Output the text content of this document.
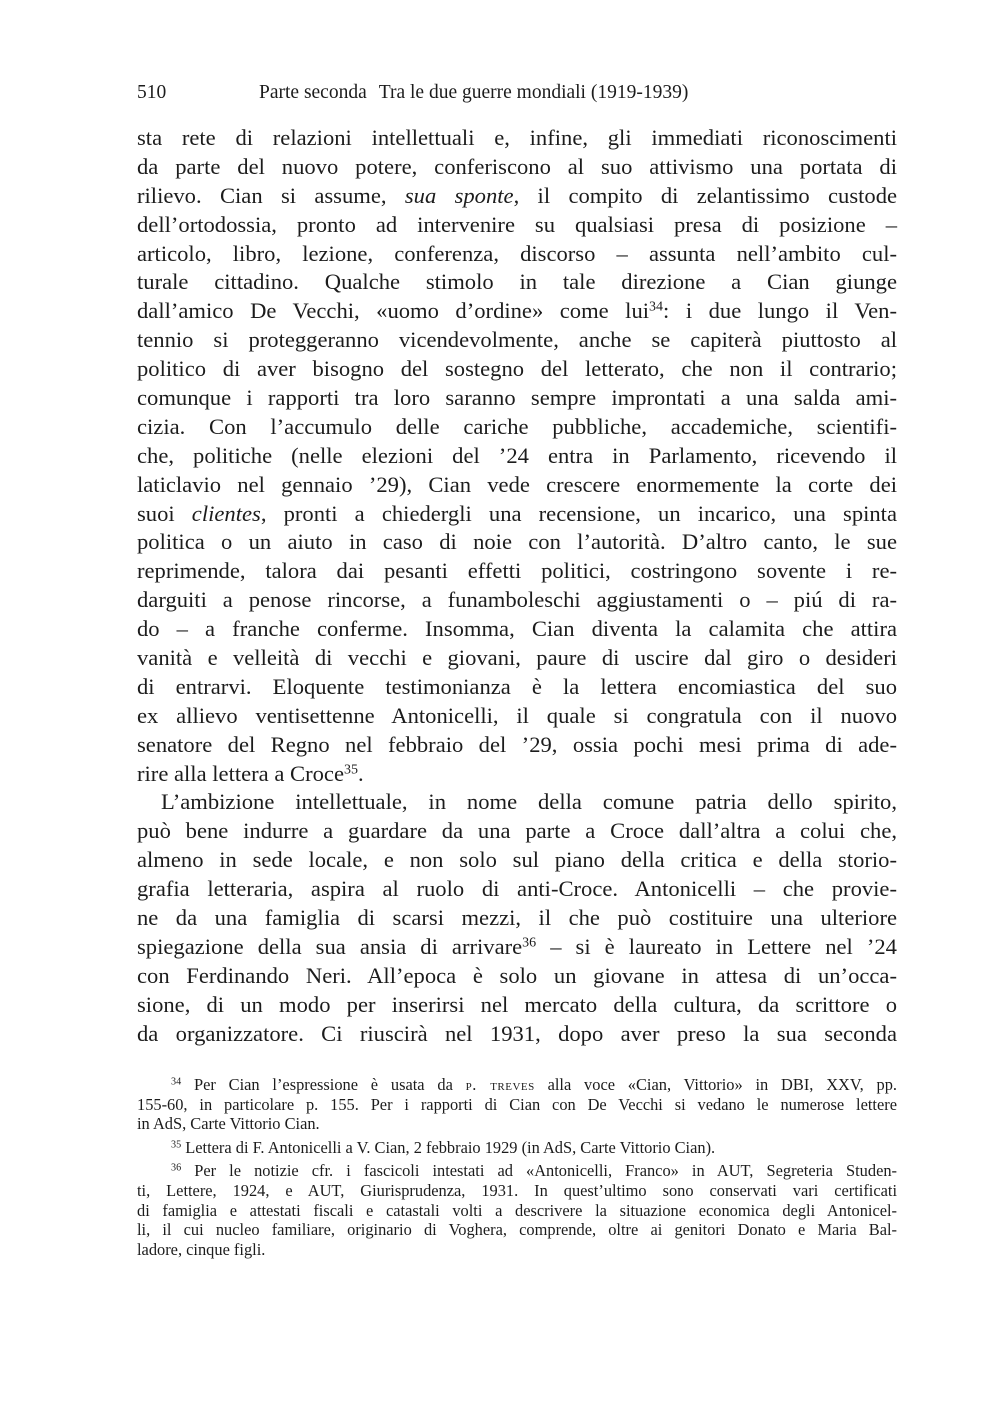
510	Parte seconda Tra le due guerre mondiali (1919-1939)
sta rete di relazioni intellettuali e, infine, gli immediati riconoscimenti
da parte del nuovo potere, conferiscono al suo attivismo una portata di
rilievo. Cian si assume, sua sponte, il compito di zelantissimo custode
dell’ortodossia, pronto ad intervenire su qualsiasi presa di posizione –
articolo, libro, lezione, conferenza, discorso – assunta nell’ambito cul-
turale cittadino. Qualche stimolo in tale direzione a Cian giunge
dall’amico De Vecchi, «uomo d’ordine» come lui$^{34}$: i due lungo il Ven-
tennio si proteggeranno vicendevolmente, anche se capiterà piuttosto al
politico di aver bisogno del sostegno del letterato, che non il contrario;
comunque i rapporti tra loro saranno sempre improntati a una salda ami-
cizia. Con l’accumulo delle cariche pubbliche, accademiche, scientifi-
che, politiche (nelle elezioni del ’24 entra in Parlamento, ricevendo il
laticlavio nel gennaio ’29), Cian vede crescere enormemente la corte dei
suoi clientes, pronti a chiedergli una recensione, un incarico, una spinta
politica o un aiuto in caso di noie con l’autorità. D’altro canto, le sue
reprimende, talora dai pesanti effetti politici, costringono sovente i re-
darguiti a penose rincorse, a funamboleschi aggiustamenti o – piú di ra-
do – a franche conferme. Insomma, Cian diventa la calamita che attira
vanità e velleità di vecchi e giovani, paure di uscire dal giro o desideri
di entrarvi. Eloquente testimonianza è la lettera encomiastica del suo
ex allievo ventisettenne Antonicelli, il quale si congratula con il nuovo
senatore del Regno nel febbraio del ’29, ossia pochi mesi prima di ade-
rire alla lettera a Croce$^{35}$.
L’ambizione intellettuale, in nome della comune patria dello spirito,
può bene indurre a guardare da una parte a Croce dall’altra a colui che,
almeno in sede locale, e non solo sul piano della critica e della storio-
grafia letteraria, aspira al ruolo di anti-Croce. Antonicelli – che provie-
ne da una famiglia di scarsi mezzi, il che può costituire una ulteriore
spiegazione della sua ansia di arrivare$^{36}$ – si è laureato in Lettere nel ’24
con Ferdinando Neri. All’epoca è solo un giovane in attesa di un’occa-
sione, di un modo per inserirsi nel mercato della cultura, da scrittore o
da organizzatore. Ci riuscirà nel 1931, dopo aver preso la sua seconda
$^{34}$ Per Cian l’espressione è usata da p. treves alla voce «Cian, Vittorio» in DBI, XXV, pp.
155-60, in particolare p. 155. Per i rapporti di Cian con De Vecchi si vedano le numerose lettere
in AdS, Carte Vittorio Cian.
$^{35}$ Lettera di F. Antonicelli a V. Cian, 2 febbraio 1929 (in AdS, Carte Vittorio Cian).
$^{36}$ Per le notizie cfr. i fascicoli intestati ad «Antonicelli, Franco» in AUT, Segreteria Studen-
ti, Lettere, 1924, e AUT, Giurisprudenza, 1931. In quest’ultimo sono conservati vari certificati
di famiglia e attestati fiscali e catastali volti a descrivere la situazione economica degli Antonicel-
li, il cui nucleo familiare, originario di Voghera, comprende, oltre ai genitori Donato e Maria Bal-
ladore, cinque figli.
